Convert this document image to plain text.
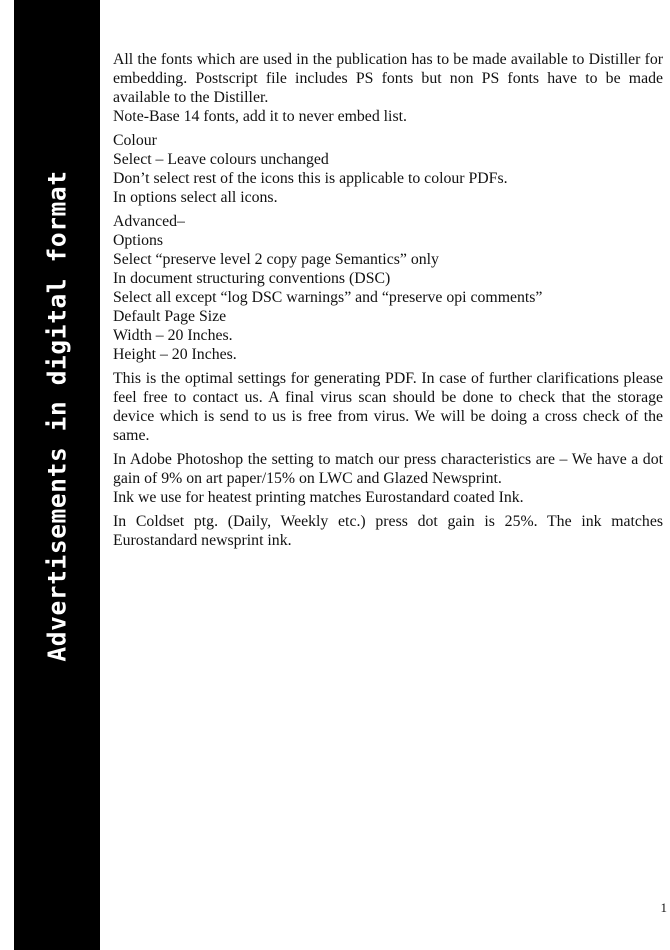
Advertisements in digital format
All the fonts which are used in the publication has to be made available to Distiller for embedding. Postscript file includes PS fonts but non PS fonts have to be made available to the Distiller.
Note-Base 14 fonts, add it to never embed list.
Colour
Select – Leave colours unchanged
Don’t select rest of the icons this is applicable to colour PDFs.
In options select all icons.
Advanced–
Options
Select “preserve level 2 copy page Semantics” only
In document structuring conventions (DSC)
Select all except “log DSC warnings” and “preserve opi comments”
Default Page Size
Width – 20 Inches.
Height – 20 Inches.
This is the optimal settings for generating PDF. In case of further clarifications please feel free to contact us. A final virus scan should be done to check that the storage device which is send to us is free from virus. We will be doing a cross check of the same.
In Adobe Photoshop the setting to match our press characteristics are – We have a dot gain of 9% on art paper/15% on LWC and Glazed Newsprint.
Ink we use for heatest printing matches Eurostandard coated Ink.
In Coldset ptg. (Daily, Weekly etc.) press dot gain is 25%. The ink matches Eurostandard newsprint ink.
1
